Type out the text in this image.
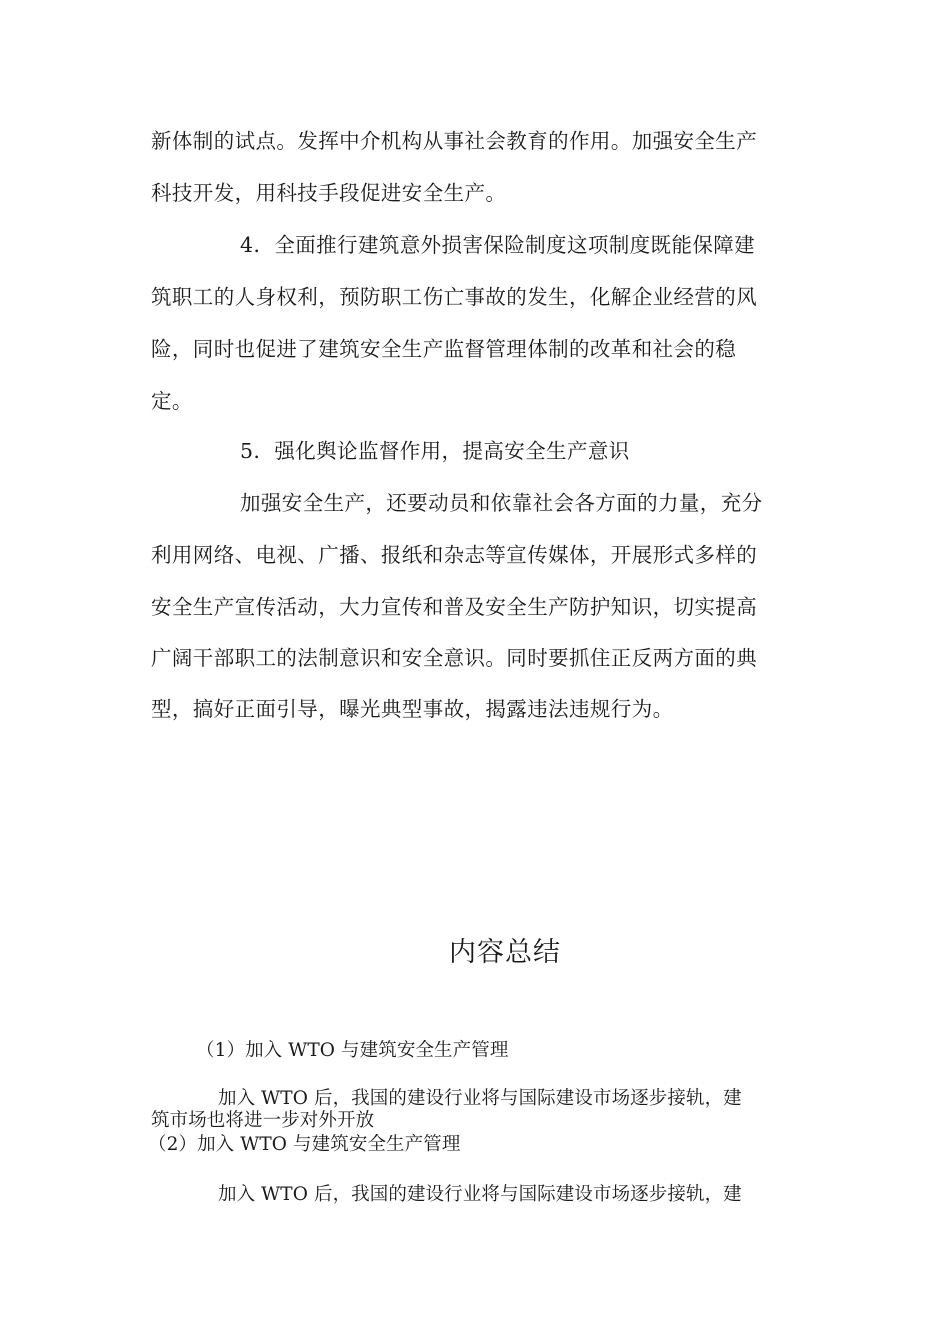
新体制的试点。发挥中介机构从事社会教育的作用。加强安全生产
科技开发，用科技手段促进安全生产。
4．全面推行建筑意外损害保险制度这项制度既能保障建
筑职工的人身权利，预防职工伤亡事故的发生，化解企业经营的风
险，同时也促进了建筑安全生产监督管理体制的改革和社会的稳
定。
5．强化舆论监督作用，提高安全生产意识
加强安全生产，还要动员和依靠社会各方面的力量，充分
利用网络、电视、广播、报纸和杂志等宣传媒体，开展形式多样的
安全生产宣传活动，大力宣传和普及安全生产防护知识，切实提高
广阔干部职工的法制意识和安全意识。同时要抓住正反两方面的典
型，搞好正面引导，曝光典型事故，揭露违法违规行为。
内容总结
（1）加入 WTO 与建筑安全生产管理
加入 WTO 后，我国的建设行业将与国际建设市场逐步接轨，建
筑市场也将进一步对外开放
（2）加入 WTO 与建筑安全生产管理
加入 WTO 后，我国的建设行业将与国际建设市场逐步接轨，建
